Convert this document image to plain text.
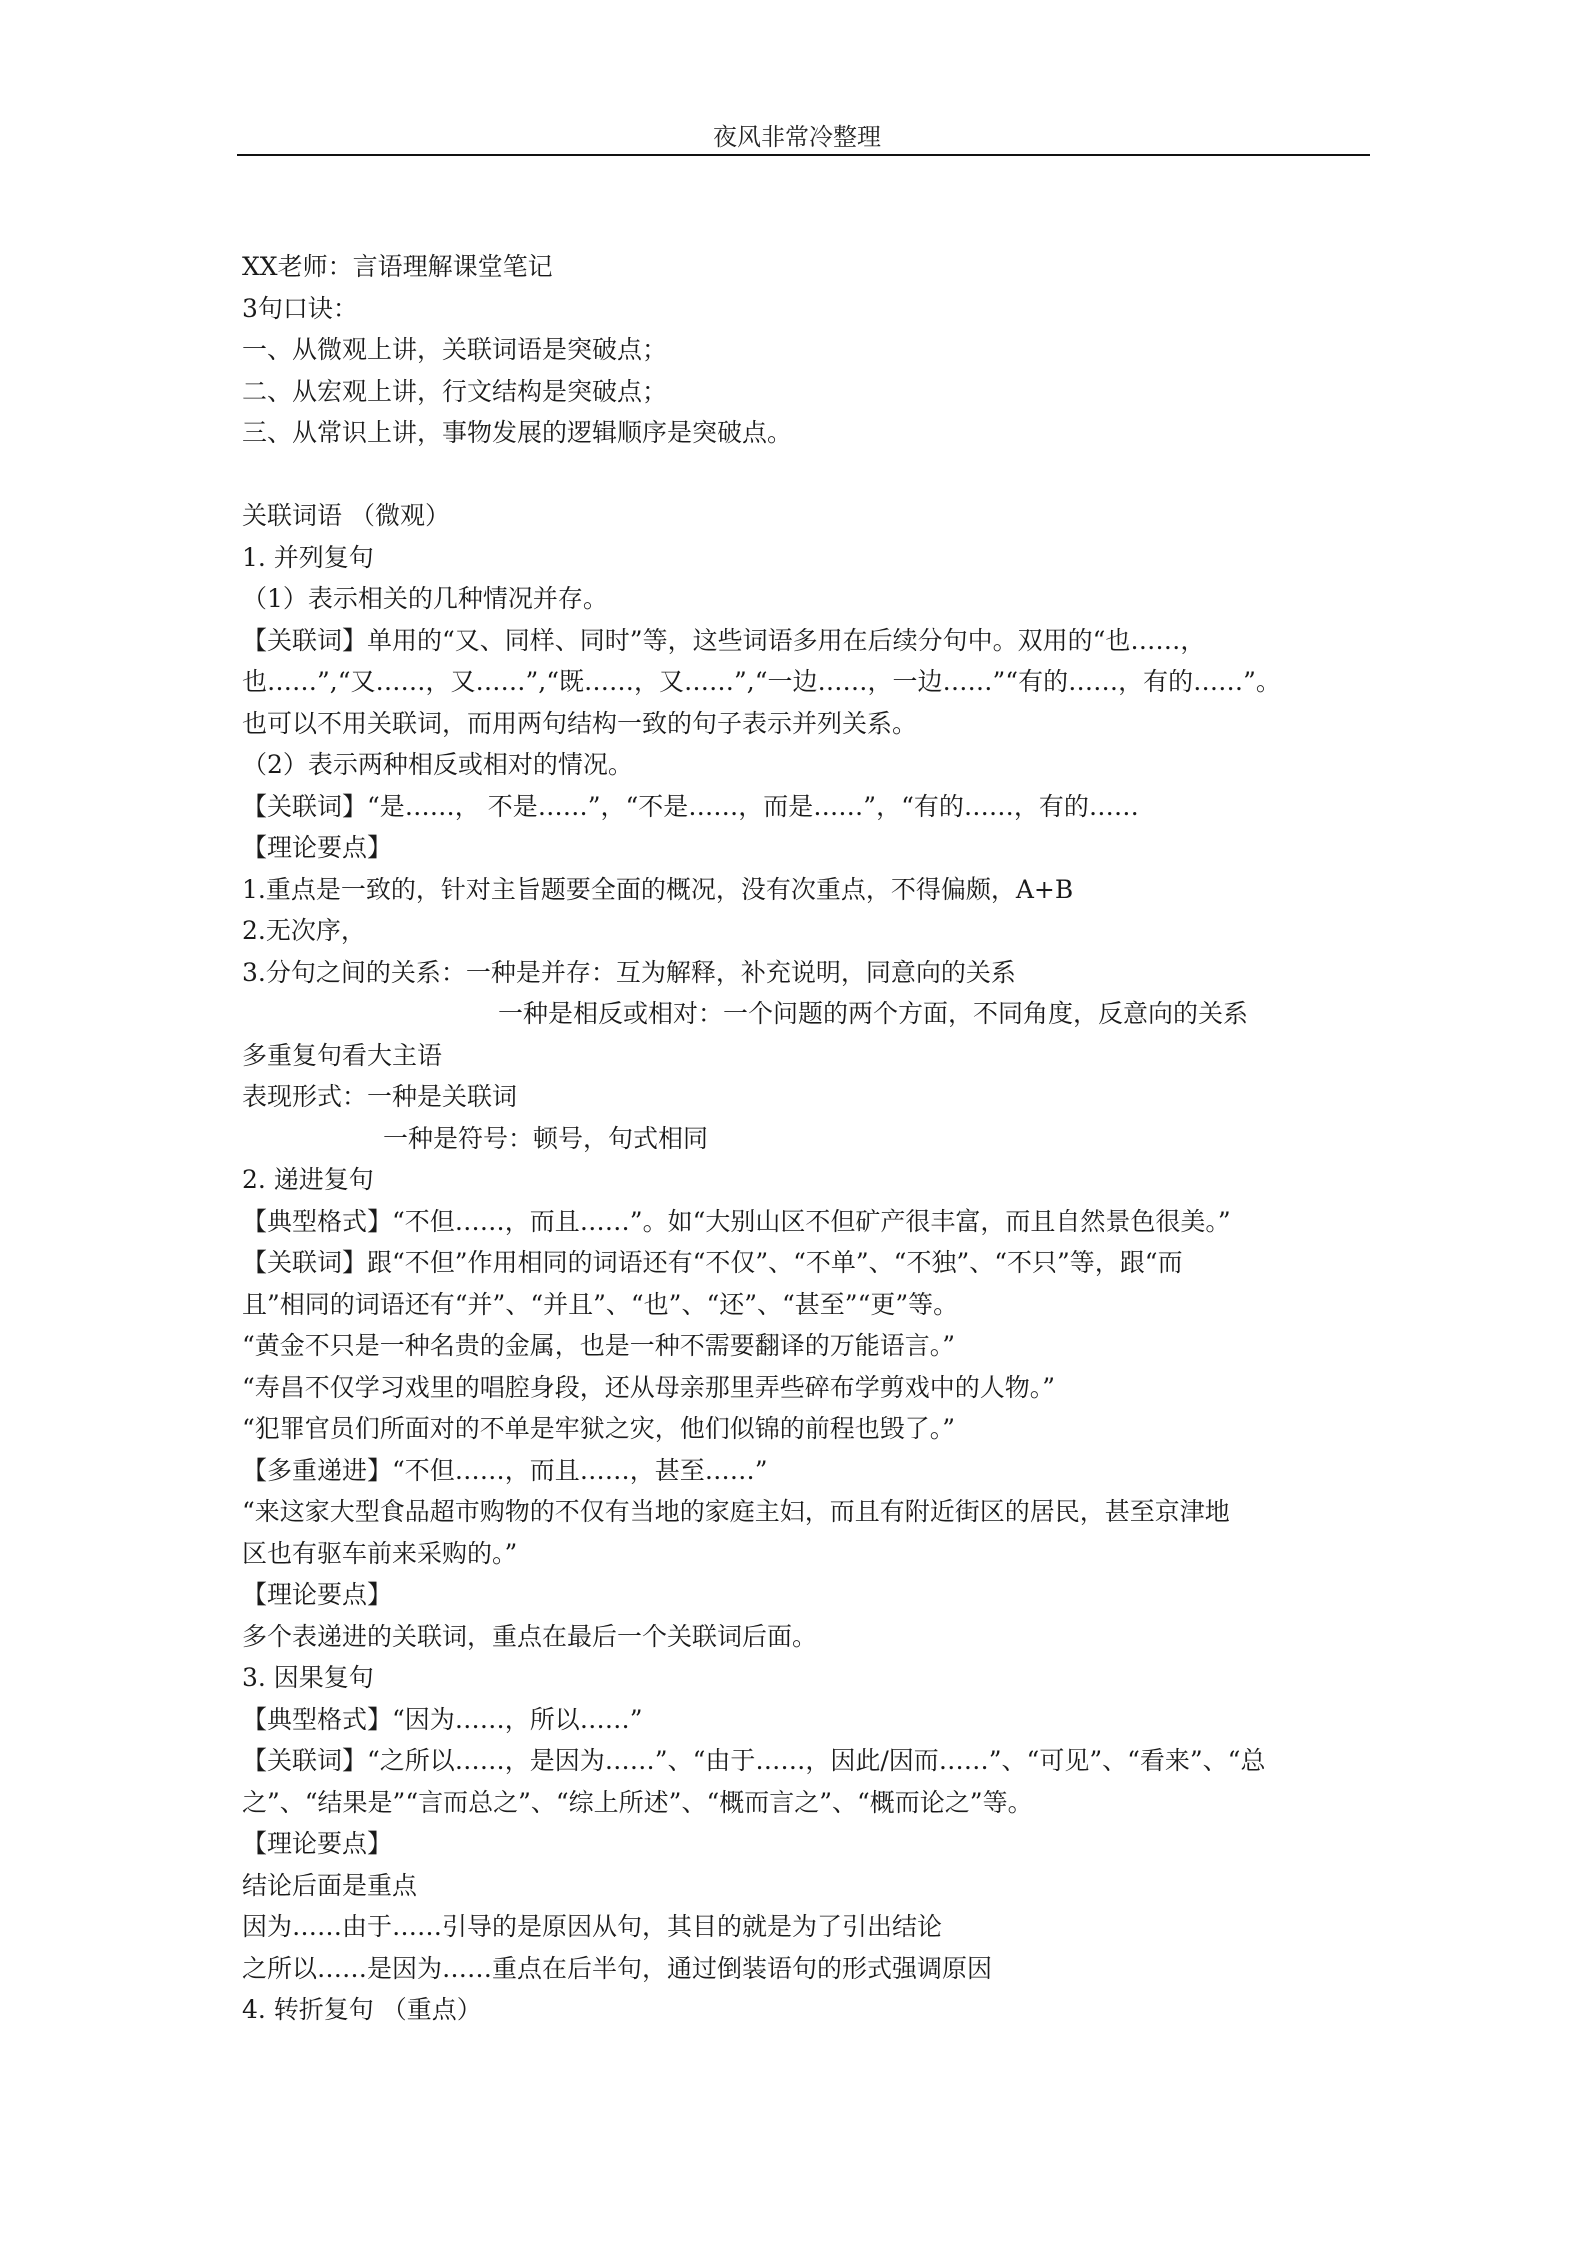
夜风非常冷整理
XX老师：言语理解课堂笔记
3句口诀：
一、从微观上讲，关联词语是突破点；
二、从宏观上讲，行文结构是突破点；
三、从常识上讲，事物发展的逻辑顺序是突破点。
关联词语 （微观）
1. 并列复句
（1）表示相关的几种情况并存。
【关联词】单用的“又、同样、同时”等，这些词语多用在后续分句中。双用的“也……，
也……”,“又……，又……”,“既……，又……”,“一边……，一边……”“有的……，有的……”。
也可以不用关联词，而用两句结构一致的句子表示并列关系。
（2）表示两种相反或相对的情况。
【关联词】“是……， 不是……”，“不是……，而是……”，“有的……，有的……
【理论要点】
1.重点是一致的，针对主旨题要全面的概况，没有次重点，不得偏颇，A+B
2.无次序，
3.分句之间的关系：一种是并存：互为解释，补充说明，同意向的关系
一种是相反或相对：一个问题的两个方面，不同角度，反意向的关系
多重复句看大主语
表现形式：一种是关联词
一种是符号：顿号，句式相同
2. 递进复句
【典型格式】“不但……，而且……”。如“大别山区不但矿产很丰富，而且自然景色很美。”
【关联词】跟“不但”作用相同的词语还有“不仅”、“不单”、“不独”、“不只”等，跟“而
且”相同的词语还有“并”、“并且”、“也”、“还”、“甚至”“更”等。
“黄金不只是一种名贵的金属，也是一种不需要翻译的万能语言。”
“寿昌不仅学习戏里的唱腔身段，还从母亲那里弄些碎布学剪戏中的人物。”
“犯罪官员们所面对的不单是牢狱之灾，他们似锦的前程也毁了。”
【多重递进】“不但……，而且……，甚至……”
“来这家大型食品超市购物的不仅有当地的家庭主妇，而且有附近街区的居民，甚至京津地
区也有驱车前来采购的。”
【理论要点】
多个表递进的关联词，重点在最后一个关联词后面。
3. 因果复句
【典型格式】“因为……，所以……”
【关联词】“之所以……，是因为……”、“由于……，因此/因而……”、“可见”、“看来”、“总
之”、“结果是”“言而总之”、“综上所述”、“概而言之”、“概而论之”等。
【理论要点】
结论后面是重点
因为……由于……引导的是原因从句，其目的就是为了引出结论
之所以……是因为……重点在后半句，通过倒装语句的形式强调原因
4. 转折复句 （重点）
